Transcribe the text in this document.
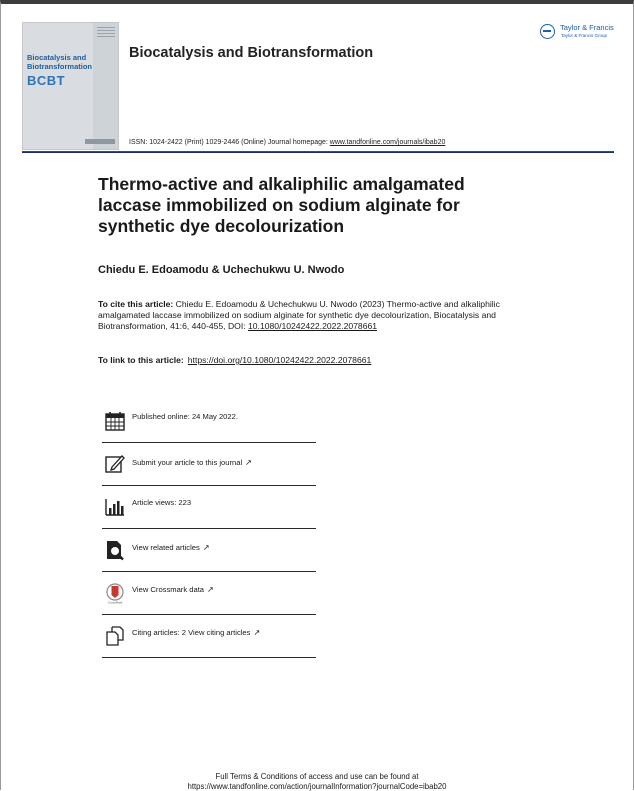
Biocatalysis and Biotransformation
BCBT
Biocatalysis and Biotransformation
Taylor & Francis
Taylor & Francis Group
ISSN: 1024-2422 (Print) 1029-2446 (Online) Journal homepage: www.tandfonline.com/journals/ibab20
Thermo-active and alkaliphilic amalgamated laccase immobilized on sodium alginate for synthetic dye decolourization
Chiedu E. Edoamodu & Uchechukwu U. Nwodo
To cite this article: Chiedu E. Edoamodu & Uchechukwu U. Nwodo (2023) Thermo-active and alkaliphilic amalgamated laccase immobilized on sodium alginate for synthetic dye decolourization, Biocatalysis and Biotransformation, 41:6, 440-455, DOI: 10.1080/10242422.2022.2078661
To link to this article: https://doi.org/10.1080/10242422.2022.2078661
Published online: 24 May 2022.
Submit your article to this journal ↗
Article views: 223
View related articles ↗
CrossMark
View Crossmark data ↗
Citing articles: 2 View citing articles ↗
Full Terms & Conditions of access and use can be found at
https://www.tandfonline.com/action/journalInformation?journalCode=ibab20
